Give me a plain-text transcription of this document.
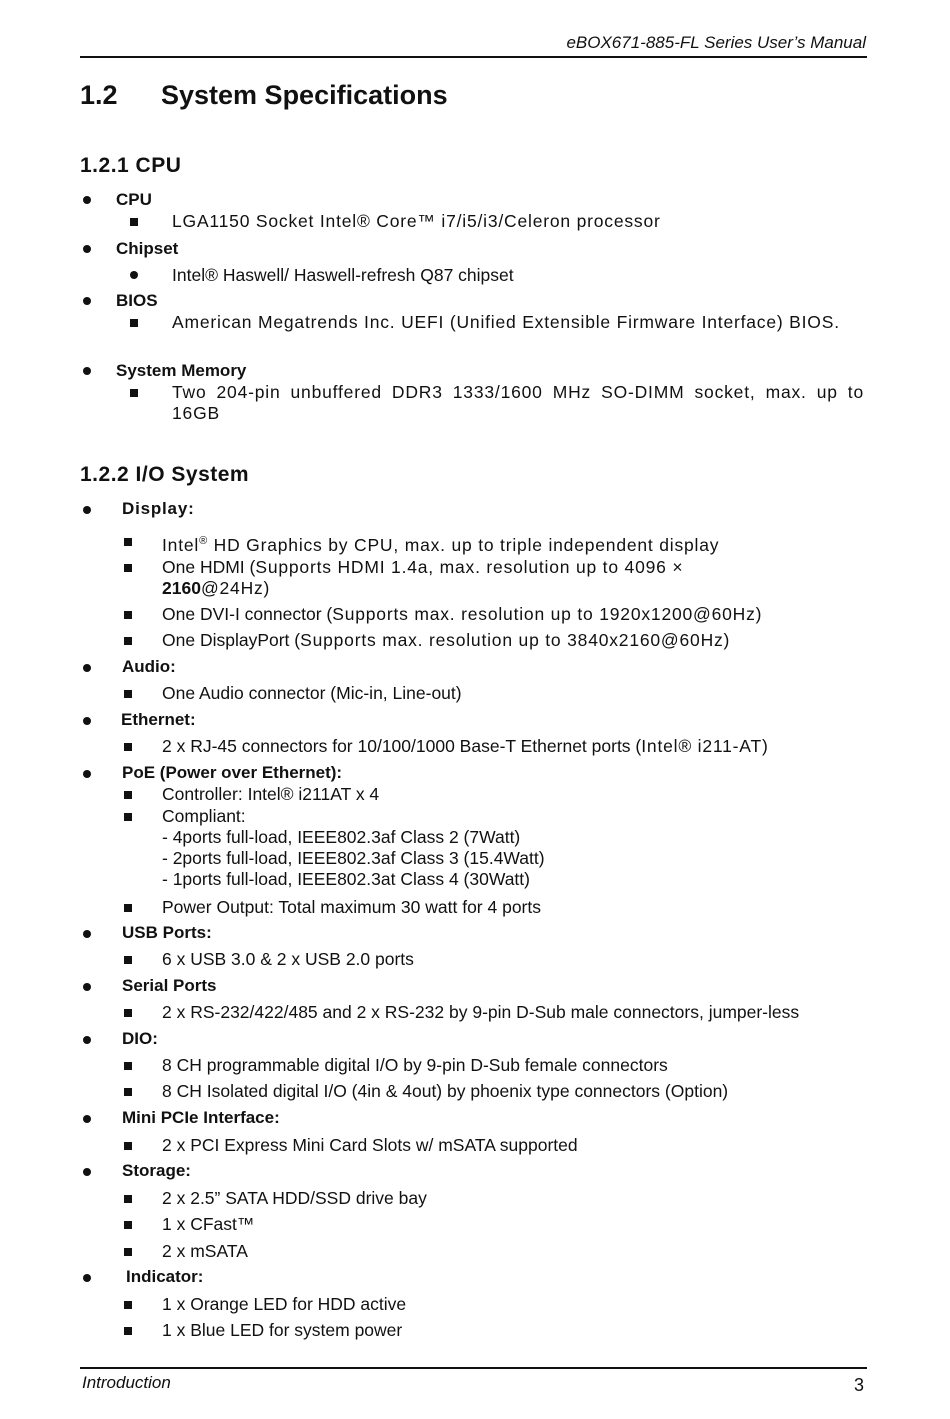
eBOX671-885-FL Series User’s Manual
1.2 System Specifications
1.2.1 CPU
CPU
LGA1150 Socket Intel® Core™ i7/i5/i3/Celeron processor
Chipset
Intel® Haswell/ Haswell-refresh Q87 chipset
BIOS
American Megatrends Inc. UEFI (Unified Extensible Firmware Interface) BIOS.
System Memory
Two 204-pin unbuffered DDR3 1333/1600 MHz SO-DIMM socket, max. up to 16GB
1.2.2 I/O System
Display:
Intel® HD Graphics by CPU, max. up to triple independent display
One HDMI (Supports HDMI 1.4a, max. resolution up to 4096 ×
2160@24Hz)
One DVI-I connector (Supports max. resolution up to 1920x1200@60Hz)
One DisplayPort (Supports max. resolution up to 3840x2160@60Hz)
Audio:
One Audio connector (Mic-in, Line-out)
Ethernet:
2 x RJ-45 connectors for 10/100/1000 Base-T Ethernet ports (Intel® i211-AT)
PoE (Power over Ethernet):
Controller: Intel® i211AT x 4
Compliant:
- 4ports full-load, IEEE802.3af Class 2 (7Watt)
- 2ports full-load, IEEE802.3af Class 3 (15.4Watt)
- 1ports full-load, IEEE802.3at Class 4 (30Watt)
Power Output: Total maximum 30 watt for 4 ports
USB Ports:
6 x USB 3.0 & 2 x USB 2.0 ports
Serial Ports
2 x RS-232/422/485 and 2 x RS-232 by 9-pin D-Sub male connectors, jumper-less
DIO:
8 CH programmable digital I/O by 9-pin D-Sub female connectors
8 CH Isolated digital I/O (4in & 4out) by phoenix type connectors (Option)
Mini PCIe Interface:
2 x PCI Express Mini Card Slots w/ mSATA supported
Storage:
2 x 2.5” SATA HDD/SSD drive bay
1 x CFast™
2 x mSATA
Indicator:
1 x Orange LED for HDD active
1 x Blue LED for system power
Introduction	3
